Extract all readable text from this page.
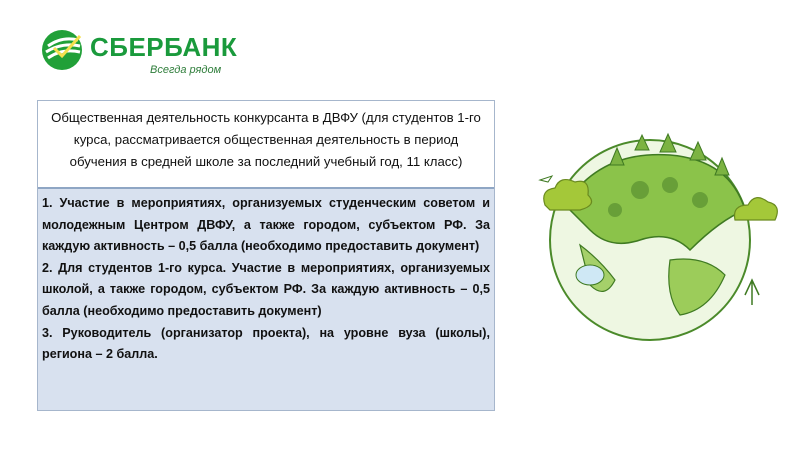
СБЕРБАНК
Всегда рядом
Общественная деятельность конкурсанта в ДВФУ (для студентов 1-го курса, рассматривается общественная деятельность в период обучения в средней школе за последний учебный год, 11 класс)
1. Участие в мероприятиях, организуемых студенческим советом и молодежным Центром ДВФУ, а также городом, субъектом РФ. За каждую активность – 0,5 балла (необходимо предоставить документ)
2. Для студентов 1-го курса. Участие в мероприятиях, организуемых школой, а также городом, субъектом РФ. За каждую активность – 0,5 балла (необходимо предоставить документ)
3. Руководитель (организатор проекта), на уровне вуза (школы), региона – 2 балла.
